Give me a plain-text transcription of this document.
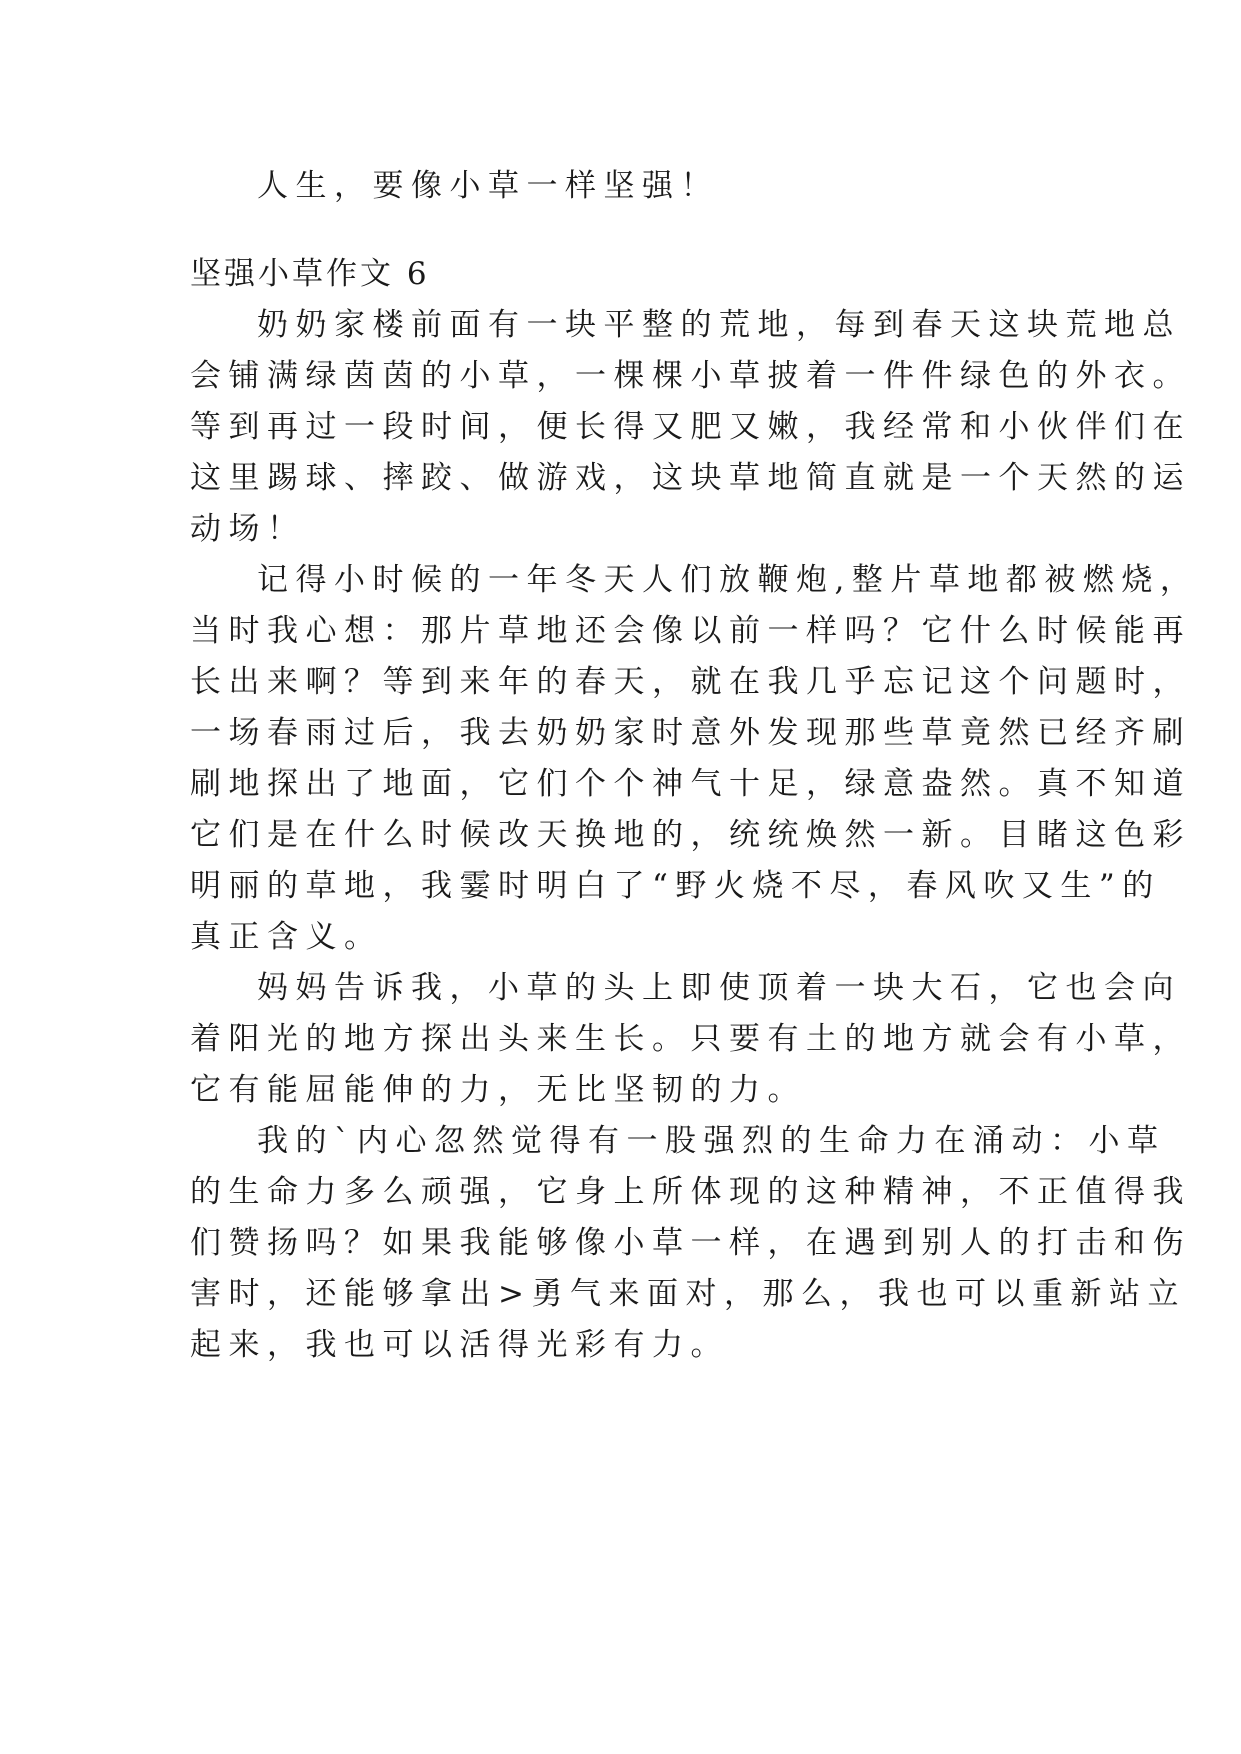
人生，要像小草一样坚强！

坚强小草作文 6

奶奶家楼前面有一块平整的荒地，每到春天这块荒地总

会铺满绿茵茵的小草，一棵棵小草披着一件件绿色的外衣。

等到再过一段时间，便长得又肥又嫩，我经常和小伙伴们在

这里踢球、摔跤、做游戏，这块草地简直就是一个天然的运

动场！

记得小时候的一年冬天人们放鞭炮,整片草地都被燃烧，

当时我心想：那片草地还会像以前一样吗？它什么时候能再

长出来啊？等到来年的春天，就在我几乎忘记这个问题时，

一场春雨过后，我去奶奶家时意外发现那些草竟然已经齐刷

刷地探出了地面，它们个个神气十足，绿意盎然。真不知道

它们是在什么时候改天换地的，统统焕然一新。目睹这色彩

明丽的草地，我霎时明白了“野火烧不尽，春风吹又生”的

真正含义。

妈妈告诉我，小草的头上即使顶着一块大石，它也会向

着阳光的地方探出头来生长。只要有土的地方就会有小草，

它有能屈能伸的力，无比坚韧的力。

我的`内心忽然觉得有一股强烈的生命力在涌动：小草

的生命力多么顽强，它身上所体现的这种精神，不正值得我

们赞扬吗？如果我能够像小草一样，在遇到别人的打击和伤

害时，还能够拿出>勇气来面对，那么，我也可以重新站立

起来，我也可以活得光彩有力。
